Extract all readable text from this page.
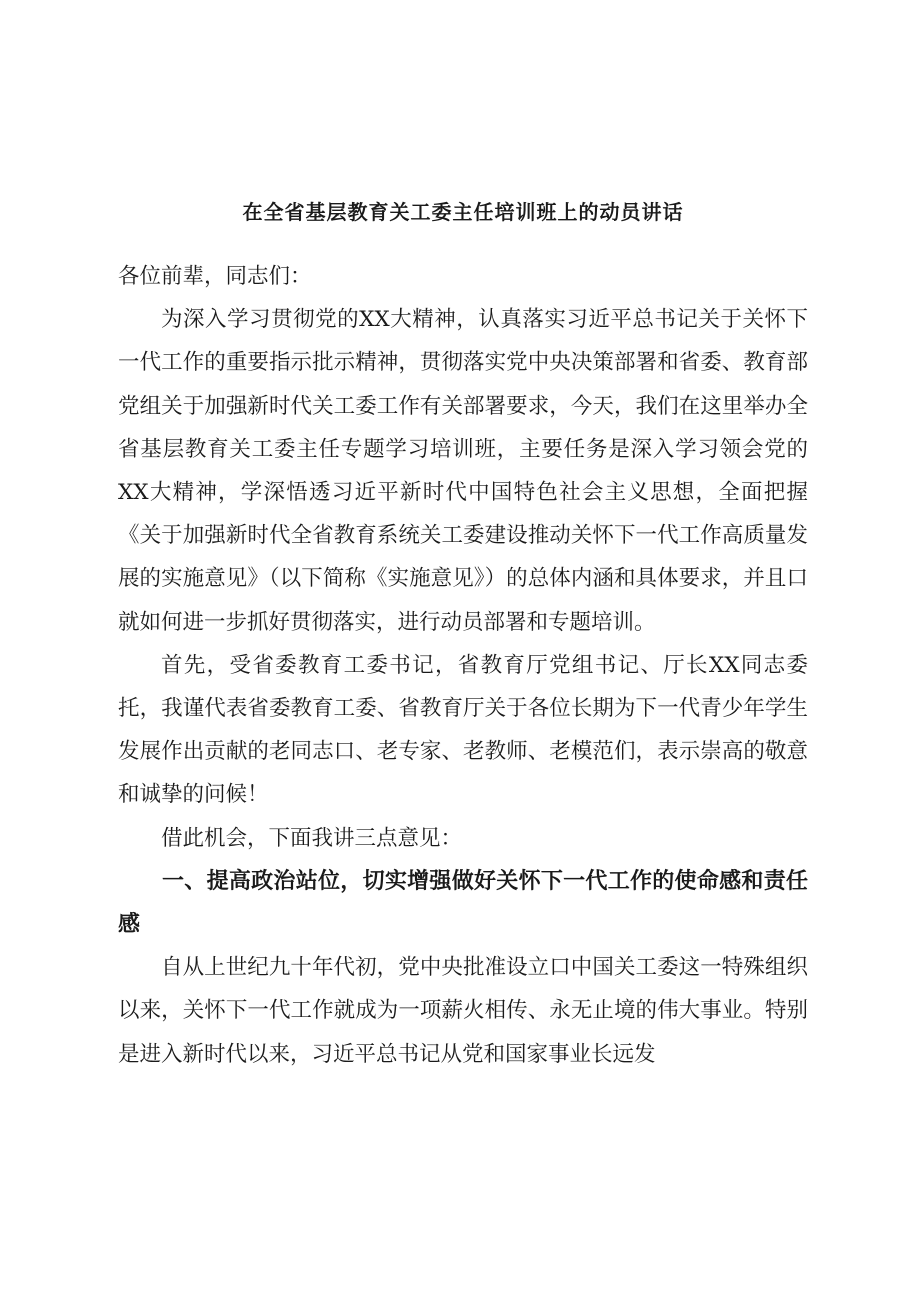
在全省基层教育关工委主任培训班上的动员讲话

各位前辈，同志们：

为深入学习贯彻党的XX大精神，认真落实习近平总书记关于关怀下一代工作的重要指示批示精神，贯彻落实党中央决策部署和省委、教育部党组关于加强新时代关工委工作有关部署要求，今天，我们在这里举办全省基层教育关工委主任专题学习培训班，主要任务是深入学习领会党的XX大精神，学深悟透习近平新时代中国特色社会主义思想，全面把握《关于加强新时代全省教育系统关工委建设推动关怀下一代工作高质量发展的实施意见》（以下简称《实施意见》）的总体内涵和具体要求，并且口就如何进一步抓好贯彻落实，进行动员部署和专题培训。

首先，受省委教育工委书记，省教育厅党组书记、厅长XX同志委托，我谨代表省委教育工委、省教育厅关于各位长期为下一代青少年学生发展作出贡献的老同志口、老专家、老教师、老模范们，表示崇高的敬意和诚挚的问候！

借此机会，下面我讲三点意见：

一、提高政治站位，切实增强做好关怀下一代工作的使命感和责任感

自从上世纪九十年代初，党中央批准设立口中国关工委这一特殊组织以来，关怀下一代工作就成为一项薪火相传、永无止境的伟大事业。特别是进入新时代以来，习近平总书记从党和国家事业长远发
